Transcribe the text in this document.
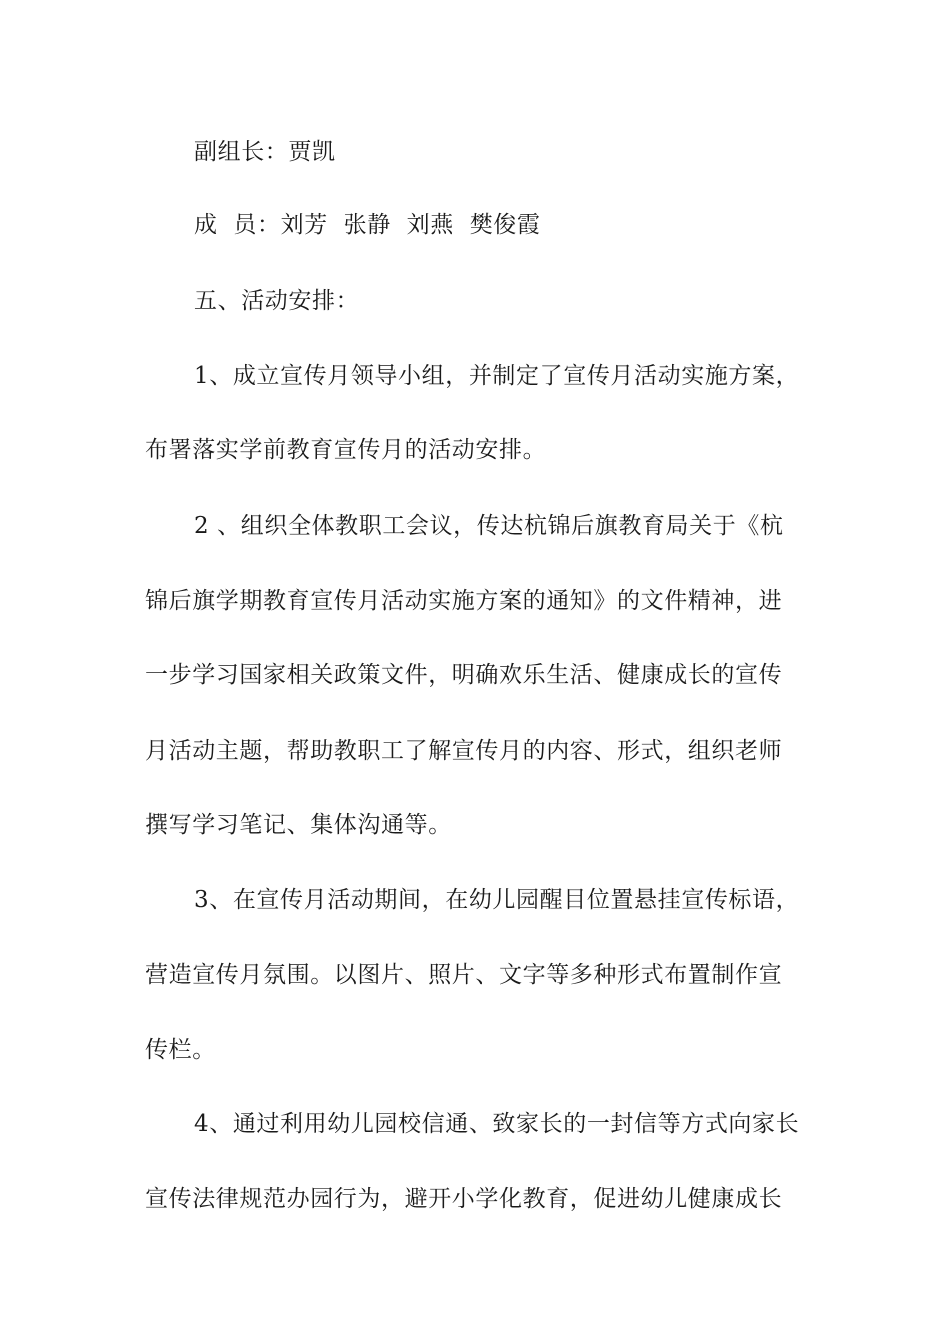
副组长：贾凯
成  员：刘芳  张静  刘燕  樊俊霞
五、活动安排：
1、成立宣传月领导小组，并制定了宣传月活动实施方案，
布署落实学前教育宣传月的活动安排。
2 、组织全体教职工会议，传达杭锦后旗教育局关于《杭
锦后旗学期教育宣传月活动实施方案的通知》的文件精神，进
一步学习国家相关政策文件，明确欢乐生活、健康成长的宣传
月活动主题，帮助教职工了解宣传月的内容、形式，组织老师
撰写学习笔记、集体沟通等。
3、在宣传月活动期间，在幼儿园醒目位置悬挂宣传标语，
营造宣传月氛围。以图片、照片、文字等多种形式布置制作宣
传栏。
4、通过利用幼儿园校信通、致家长的一封信等方式向家长
宣传法律规范办园行为，避开小学化教育，促进幼儿健康成长
